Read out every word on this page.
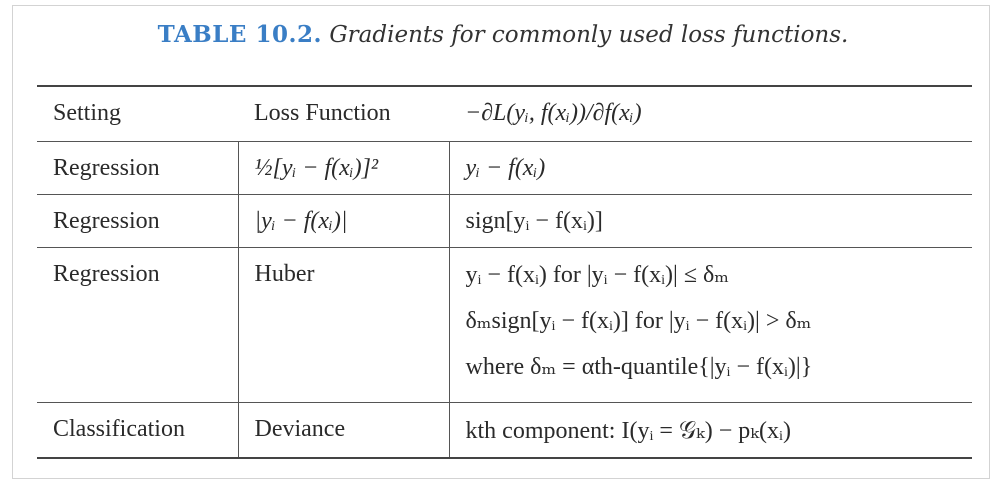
TABLE 10.2. Gradients for commonly used loss functions.
Setting	Loss Function	−∂L(yᵢ, f(xᵢ))/∂f(xᵢ)
Regression	½[yᵢ − f(xᵢ)]²	yᵢ − f(xᵢ)
Regression	|yᵢ − f(xᵢ)|	sign[yᵢ − f(xᵢ)]
Regression	Huber	yᵢ − f(xᵢ) for |yᵢ − f(xᵢ)| ≤ δₘ
δₘsign[yᵢ − f(xᵢ)] for |yᵢ − f(xᵢ)| > δₘ
where δₘ = αth-quantile{|yᵢ − f(xᵢ)|}

Classification	Deviance	kth component: I(yᵢ = 𝒢ₖ) − pₖ(xᵢ)
